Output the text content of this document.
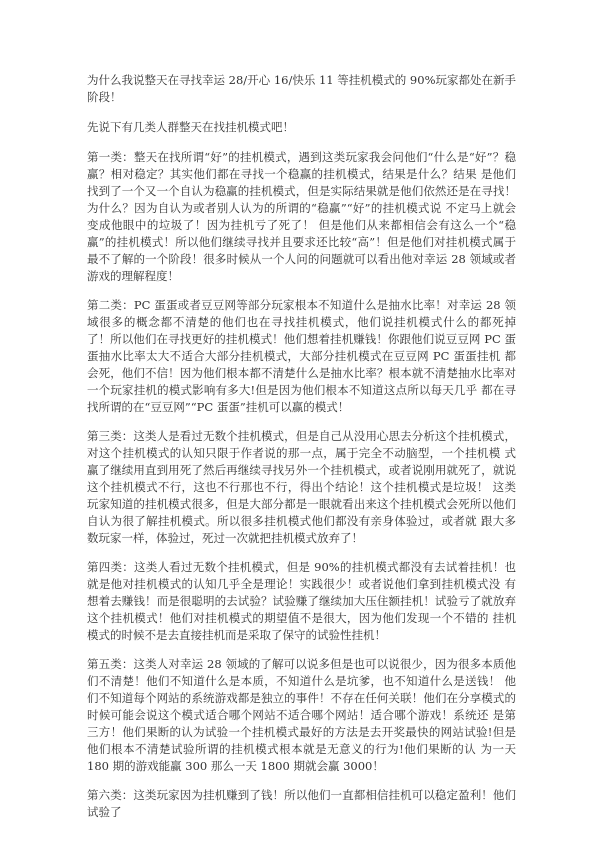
为什么我说整天在寻找幸运 28/开心 16/快乐 11 等挂机模式的 90%玩家都处在新手阶段！

先说下有几类人群整天在找挂机模式吧！

第一类：整天在找所谓“好”的挂机模式，遇到这类玩家我会问他们“什么是“好”？稳赢？相对稳定？其实他们都在寻找一个稳赢的挂机模式，结果是什么？结果 是他们找到了一个又一个自认为稳赢的挂机模式，但是实际结果就是他们依然还是在寻找！为什么？因为自认为或者别人认为的所谓的“稳赢”“好”的挂机模式说 不定马上就会变成他眼中的垃圾了！因为挂机亏了死了！ 但是他们从来都相信会有这么一个“稳赢”的挂机模式！所以他们继续寻找并且要求还比较“高”！但是他们对挂机模式属于最不了解的一个阶段！很多时候从一个人问的问题就可以看出他对幸运 28 领域或者游戏的理解程度！

第二类：PC 蛋蛋或者豆豆网等部分玩家根本不知道什么是抽水比率！对幸运 28 领域很多的概念都不清楚的他们也在寻找挂机模式，他们说挂机模式什么的都死掉 了！所以他们在寻找更好的挂机模式！他们想着挂机赚钱！你跟他们说豆豆网 PC 蛋蛋抽水比率太大不适合大部分挂机模式，大部分挂机模式在豆豆网 PC 蛋蛋挂机 都会死，他们不信！因为他们根本都不清楚什么是抽水比率？根本就不清楚抽水比率对一个玩家挂机的模式影响有多大!但是因为他们根本不知道这点所以每天几乎 都在寻找所谓的在“豆豆网”“PC 蛋蛋”挂机可以赢的模式！

第三类：这类人是看过无数个挂机模式，但是自己从没用心思去分析这个挂机模式，对这个挂机模式的认知只限于作者说的那一点，属于完全不动脑型，一个挂机模 式赢了继续用直到用死了然后再继续寻找另外一个挂机模式，或者说刚用就死了，就说这个挂机模式不行，这也不行那也不行，得出个结论！这个挂机模式是垃圾！ 这类玩家知道的挂机模式很多，但是大部分都是一眼就看出来这个挂机模式会死所以他们自认为很了解挂机模式。所以很多挂机模式他们都没有亲身体验过，或者就 跟大多数玩家一样，体验过，死过一次就把挂机模式放弃了！

第四类：这类人看过无数个挂机模式，但是 90%的挂机模式都没有去试着挂机！也就是他对挂机模式的认知几乎全是理论！实践很少！或者说他们拿到挂机模式没 有想着去赚钱！而是很聪明的去试验？试验赚了继续加大压住额挂机！试验亏了就放弃这个挂机模式！他们对挂机模式的期望值不是很大，因为他们发现一个不错的 挂机模式的时候不是去直接挂机而是采取了保守的试验性挂机！

第五类：这类人对幸运 28 领域的了解可以说多但是也可以说很少，因为很多本质他们不清楚！他们不知道什么是本质，不知道什么是坑爹，也不知道什么是送钱！ 他们不知道每个网站的系统游戏都是独立的事件！不存在任何关联！他们在分享模式的时候可能会说这个模式适合哪个网站不适合哪个网站！适合哪个游戏！系统还 是第三方！他们果断的认为试验一个挂机模式最好的方法是去开奖最快的网站试验!但是他们根本不清楚试验所谓的挂机模式根本就是无意义的行为!他们果断的认 为一天 180 期的游戏能赢 300 那么一天 1800 期就会赢 3000！

第六类：这类玩家因为挂机赚到了钱！所以他们一直都相信挂机可以稳定盈利！他们试验了
